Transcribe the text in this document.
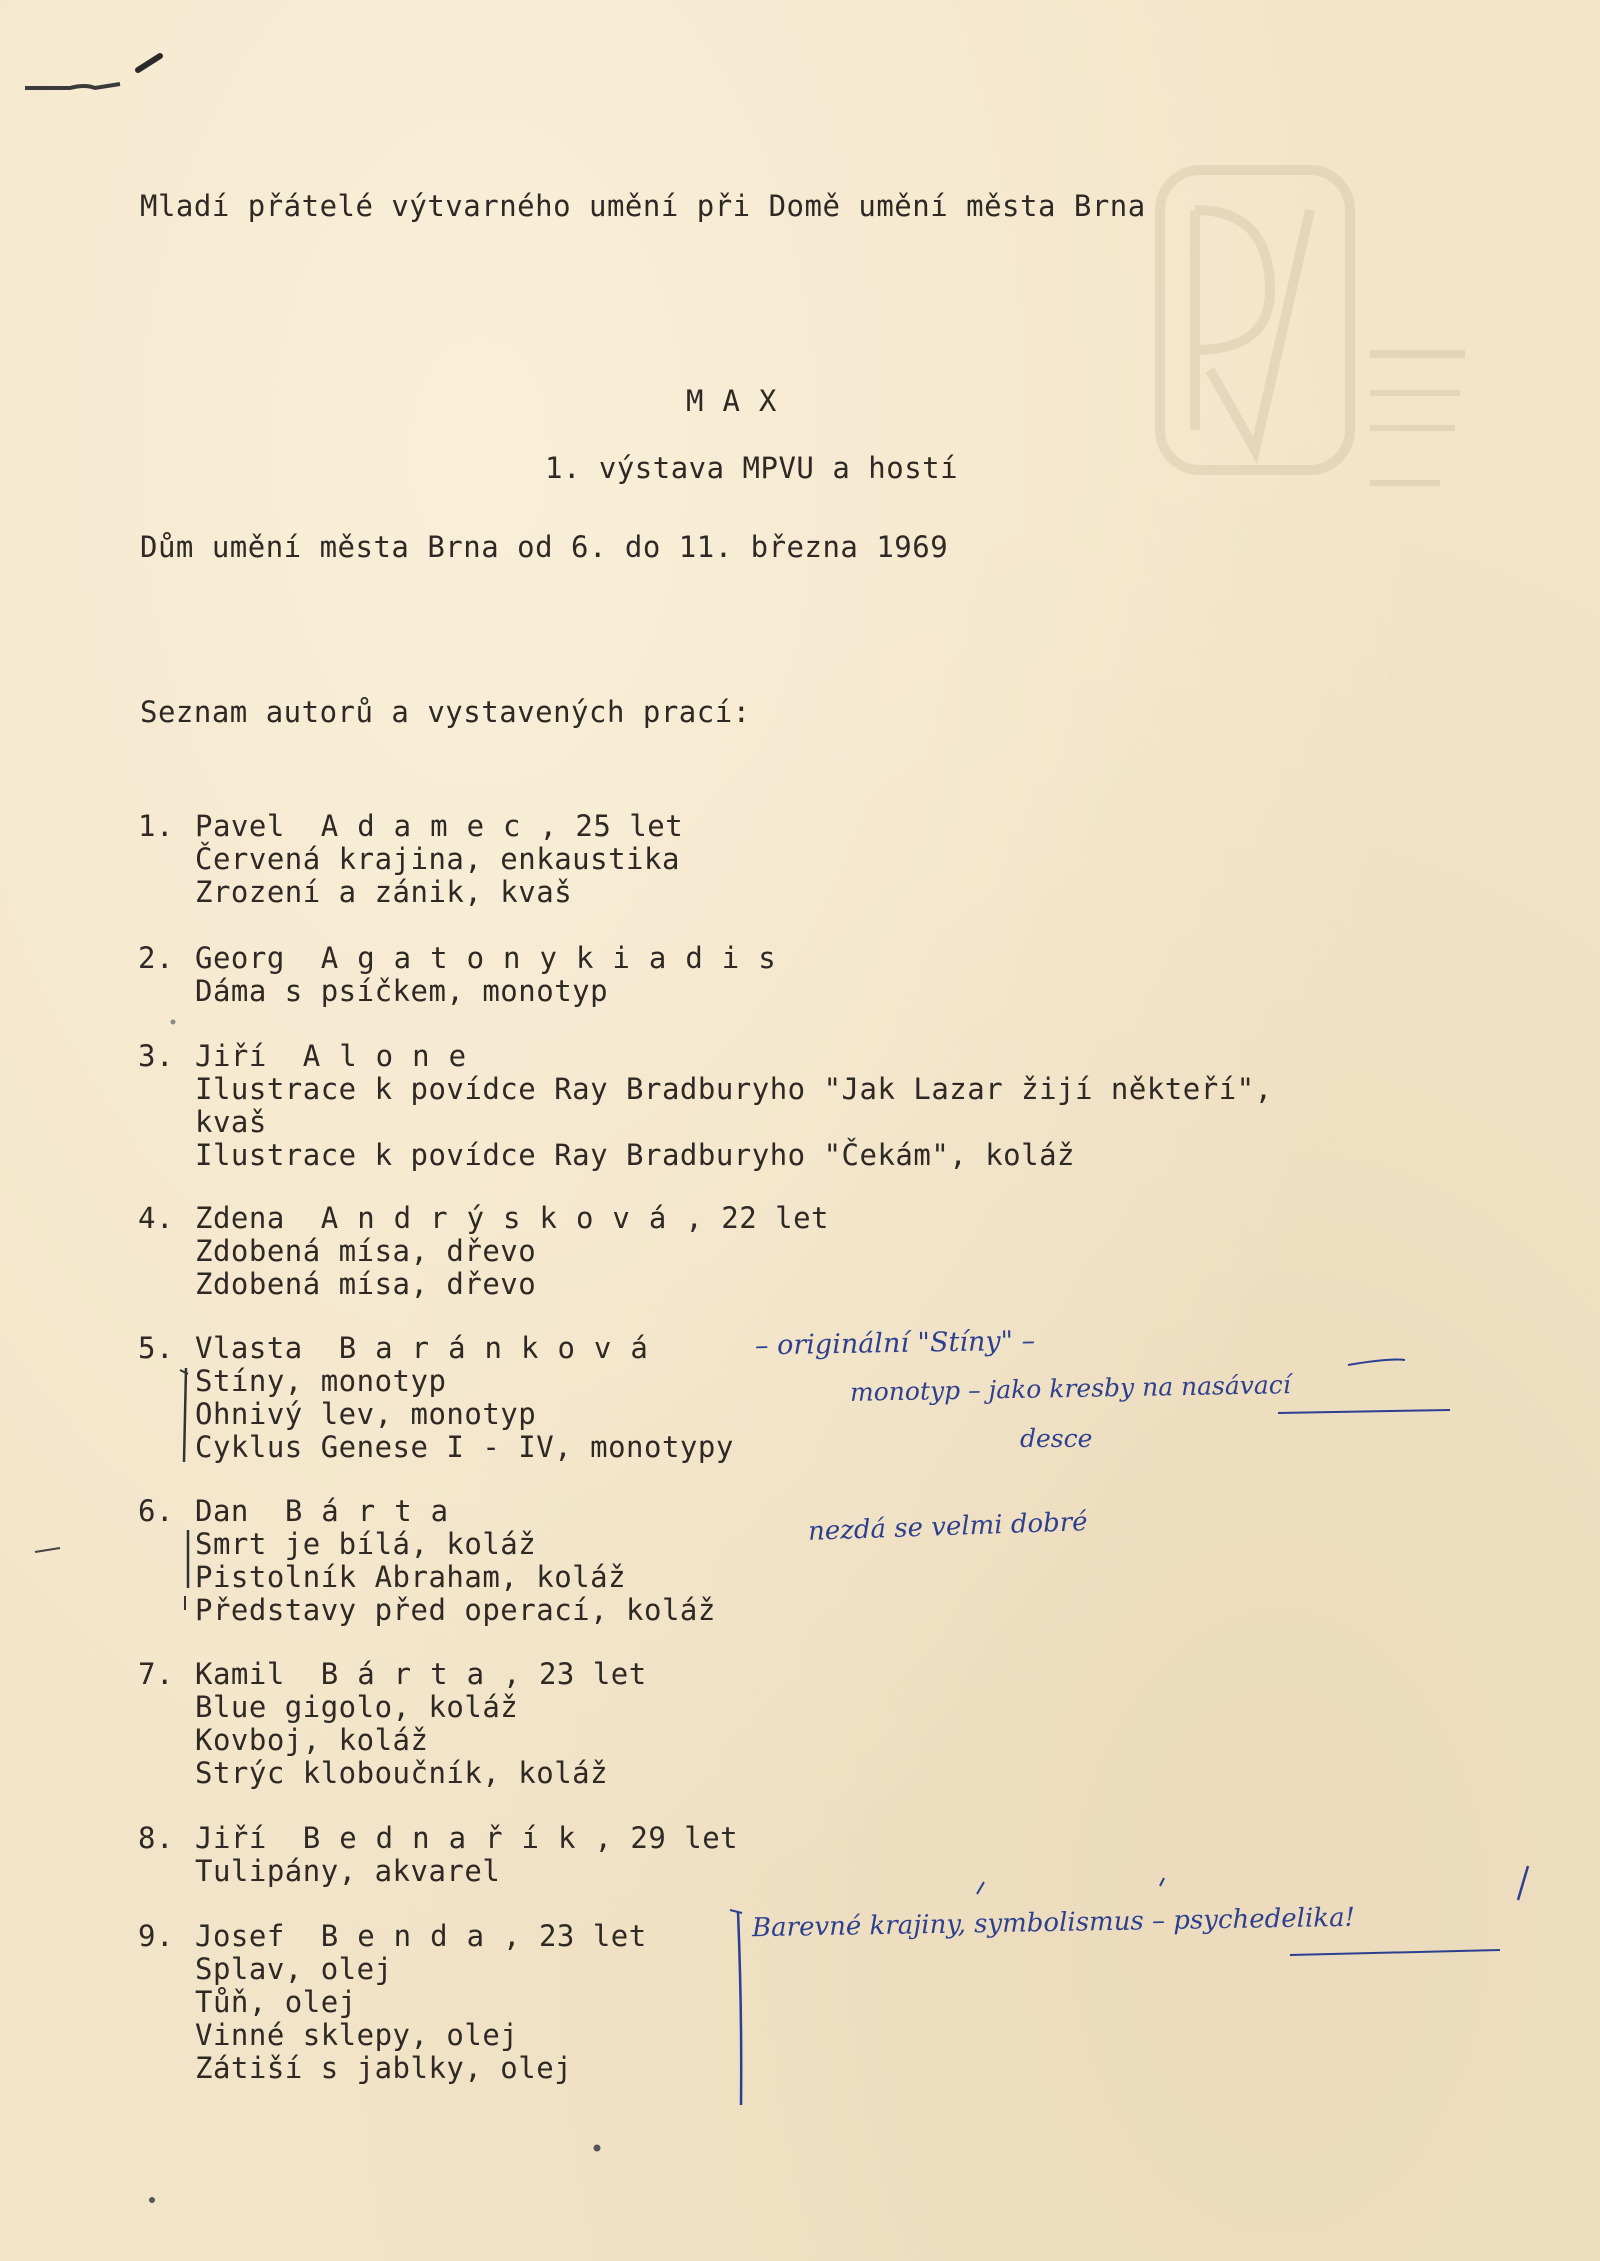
Mladí přátelé výtvarného umění při Domě umění města Brna
MAX
1. výstava MPVU a hostí
Dům umění města Brna od 6. do 11. března 1969
Seznam autorů a vystavených prací:
1. Pavel Adamec, 25 let
Červená krajina, enkaustika
Zrození a zánik, kvaš
2. Georg Agatonykiadis
Dáma s psíčkem, monotyp
3. Jiří Alone
Ilustrace k povídce Ray Bradburyho "Jak Lazar žijí někteří",
kvaš
Ilustrace k povídce Ray Bradburyho "Čekám", koláž
4. Zdena Andrýsková, 22 let
Zdobená mísa, dřevo
Zdobená mísa, dřevo
5. Vlasta Baránková
Stíny, monotyp
Ohnivý lev, monotyp
Cyklus Genese I - IV, monotypy
6. Dan Bárta
Smrt je bílá, koláž
Pistolník Abraham, koláž
Představy před operací, koláž
7. Kamil Bárta, 23 let
Blue gigolo, koláž
Kovboj, koláž
Strýc kloboučník, koláž
8. Jiří Bednařík, 29 let
Tulipány, akvarel
9. Josef Benda, 23 let
Splav, olej
Tůň, olej
Vinné sklepy, olej
Zátiší s jablky, olej
– originální "Stíny" –
monotyp – jako kresby na nasávací
desce
nezdá se velmi dobré
Barevné krajiny, symbolismus – psychedelika!
